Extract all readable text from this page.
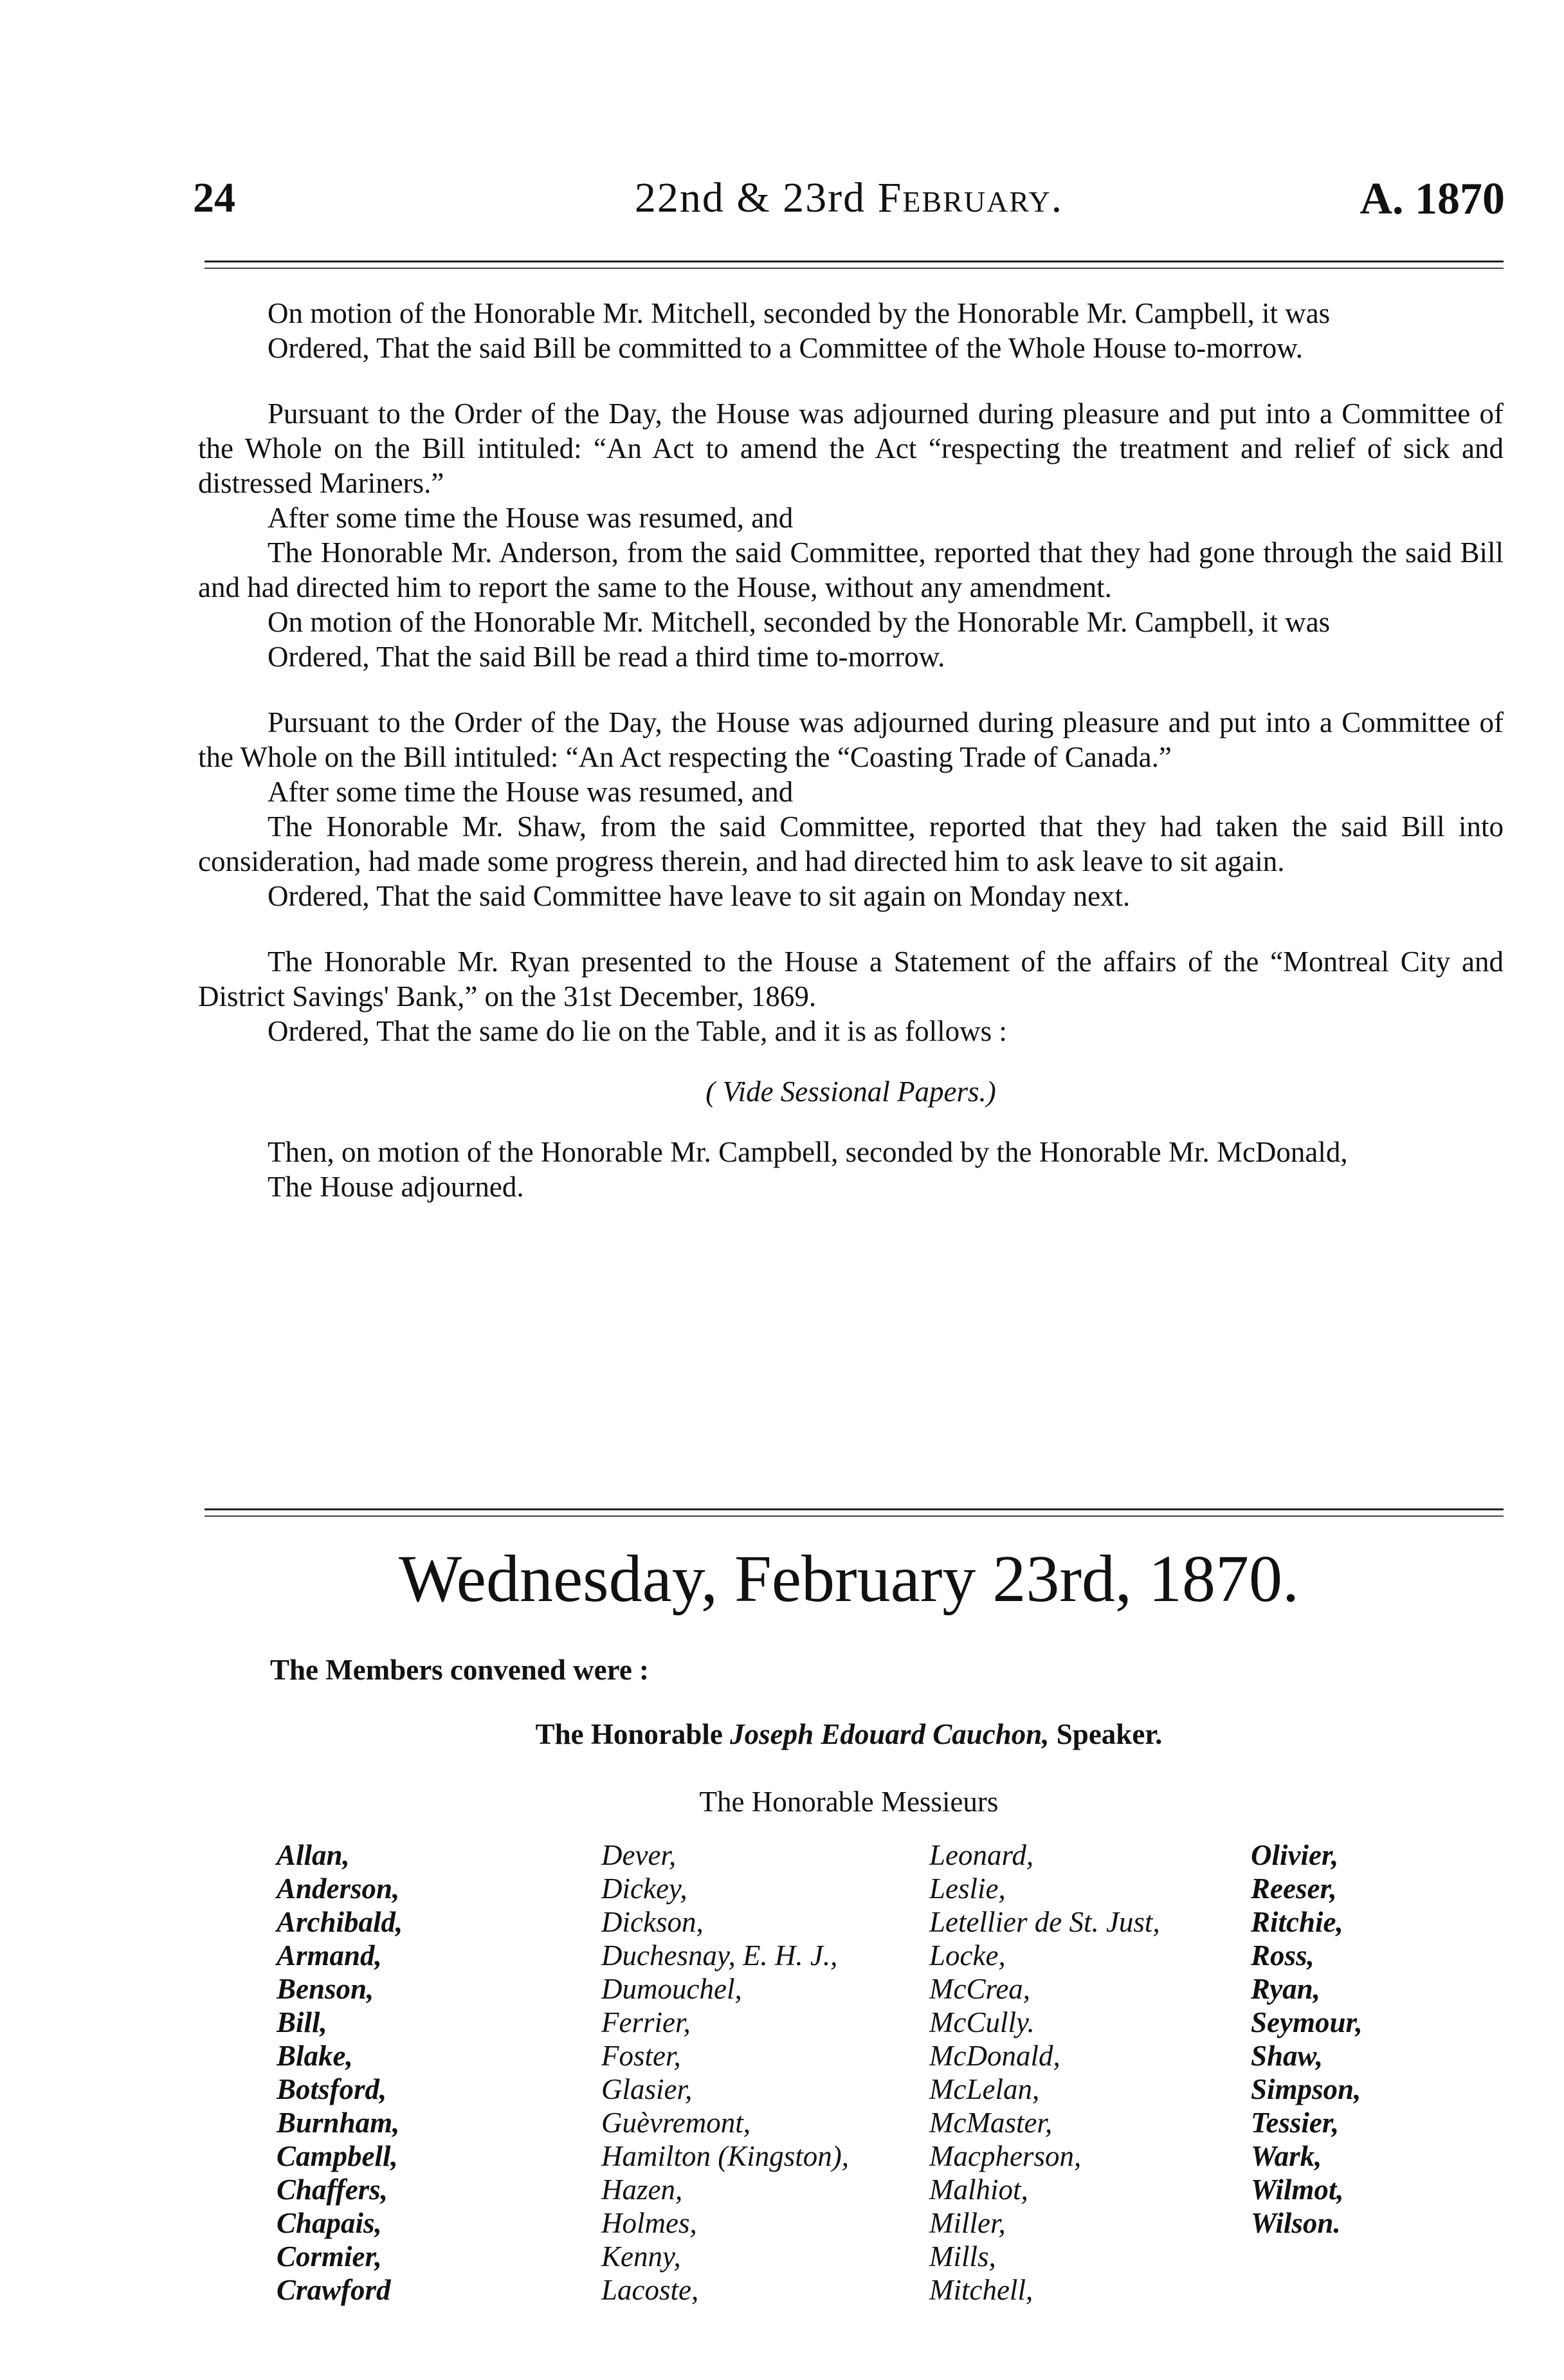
24	22nd & 23rd February.	A. 1870

On motion of the Honorable Mr. Mitchell, seconded by the Honorable Mr. Campbell, it was

Ordered, That the said Bill be committed to a Committee of the Whole House to-morrow.

Pursuant to the Order of the Day, the House was adjourned during pleasure and put into a Committee of the Whole on the Bill intituled: “An Act to amend the Act “respecting the treatment and relief of sick and distressed Mariners.”

After some time the House was resumed, and

The Honorable Mr. Anderson, from the said Committee, reported that they had gone through the said Bill and had directed him to report the same to the House, without any amendment.

On motion of the Honorable Mr. Mitchell, seconded by the Honorable Mr. Campbell, it was

Ordered, That the said Bill be read a third time to-morrow.

Pursuant to the Order of the Day, the House was adjourned during pleasure and put into a Committee of the Whole on the Bill intituled: “An Act respecting the “Coasting Trade of Canada.”

After some time the House was resumed, and

The Honorable Mr. Shaw, from the said Committee, reported that they had taken the said Bill into consideration, had made some progress therein, and had directed him to ask leave to sit again.

Ordered, That the said Committee have leave to sit again on Monday next.

The Honorable Mr. Ryan presented to the House a Statement of the affairs of the “Montreal City and District Savings' Bank,” on the 31st December, 1869.

Ordered, That the same do lie on the Table, and it is as follows :

( Vide Sessional Papers.)

Then, on motion of the Honorable Mr. Campbell, seconded by the Honorable Mr. McDonald,

The House adjourned.

Wednesday, February 23rd, 1870.
The Members convened were :
The Honorable Joseph Edouard Cauchon, Speaker.
The Honorable Messieurs
Allan,
Anderson,
Archibald,
Armand,
Benson,
Bill,
Blake,
Botsford,
Burnham,
Campbell,
Chaffers,
Chapais,
Cormier,
Crawford
Dever,
Dickey,
Dickson,
Duchesnay, E. H. J.,
Dumouchel,
Ferrier,
Foster,
Glasier,
Guèvremont,
Hamilton (Kingston),
Hazen,
Holmes,
Kenny,
Lacoste,
Leonard,
Leslie,
Letellier de St. Just,
Locke,
McCrea,
McCully.
McDonald,
McLelan,
McMaster,
Macpherson,
Malhiot,
Miller,
Mills,
Mitchell,
Olivier,
Reeser,
Ritchie,
Ross,
Ryan,
Seymour,
Shaw,
Simpson,
Tessier,
Wark,
Wilmot,
Wilson.
